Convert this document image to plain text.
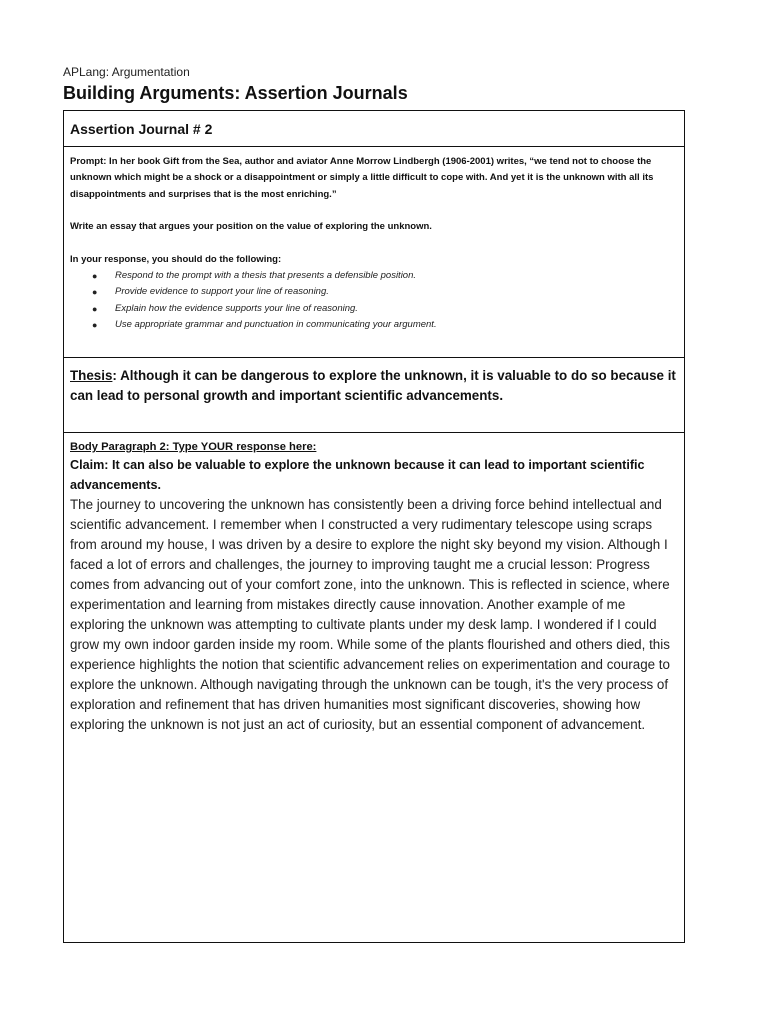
APLang: Argumentation
Building Arguments: Assertion Journals
Assertion Journal # 2
Prompt: In her book Gift from the Sea, author and aviator Anne Morrow Lindbergh (1906-2001) writes, “we tend not to choose the unknown which might be a shock or a disappointment or simply a little difficult to cope with. And yet it is the unknown with all its disappointments and surprises that is the most enriching.”
Write an essay that argues your position on the value of exploring the unknown.
In your response, you should do the following:
● Respond to the prompt with a thesis that presents a defensible position.
● Provide evidence to support your line of reasoning.
● Explain how the evidence supports your line of reasoning.
● Use appropriate grammar and punctuation in communicating your argument.
Thesis: Although it can be dangerous to explore the unknown, it is valuable to do so because it can lead to personal growth and important scientific advancements.
Body Paragraph 2: Type YOUR response here:
Claim: It can also be valuable to explore the unknown because it can lead to important scientific advancements.
The journey to uncovering the unknown has consistently been a driving force behind intellectual and scientific advancement. I remember when I constructed a very rudimentary telescope using scraps from around my house, I was driven by a desire to explore the night sky beyond my vision. Although I faced a lot of errors and challenges, the journey to improving taught me a crucial lesson: Progress comes from advancing out of your comfort zone, into the unknown. This is reflected in science, where experimentation and learning from mistakes directly cause innovation. Another example of me exploring the unknown was attempting to cultivate plants under my desk lamp. I wondered if I could grow my own indoor garden inside my room. While some of the plants flourished and others died, this experience highlights the notion that scientific advancement relies on experimentation and courage to explore the unknown. Although navigating through the unknown can be tough, it's the very process of exploration and refinement that has driven humanities most significant discoveries, showing how exploring the unknown is not just an act of curiosity, but an essential component of advancement.
